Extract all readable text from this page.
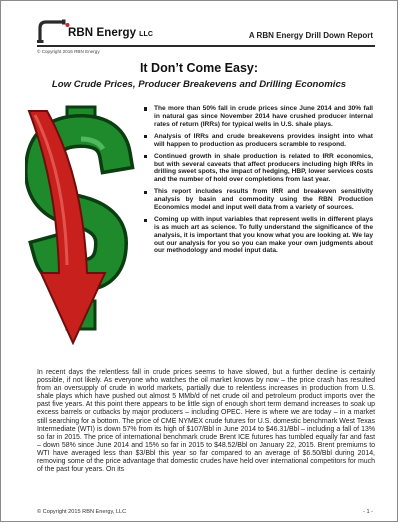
RBN Energy LLC	A RBN Energy Drill Down Report
© Copyright 2016 RBN Energy
It Don’t Come Easy:
Low Crude Prices, Producer Breakevens and Drilling Economics
The more than 50% fall in crude prices since June 2014 and 30% fall in natural gas since November 2014 have crushed producer internal rates of return (IRRs) for typical wells in U.S. shale plays.
Analysis of IRRs and crude breakevens provides insight into what will happen to production as producers scramble to respond.
Continued growth in shale production is related to IRR economics, but with several caveats that affect producers including high IRRs in drilling sweet spots, the impact of hedging, HBP, lower services costs and the number of hold over completions from last year.
This report includes results from IRR and breakeven sensitivity analysis by basin and commodity using the RBN Production Economics model and input well data from a variety of sources.
Coming up with input variables that represent wells in different plays is as much art as science. To fully understand the significance of the analysis, it is important that you know what you are looking at. We lay out our analysis for you so you can make your own judgments about our methodology and model input data.

In recent days the relentless fall in crude prices seems to have slowed, but a further decline is certainly possible, if not likely. As everyone who watches the oil market knows by now – the price crash has resulted from an oversupply of crude in world markets, partially due to relentless increases in production from U.S. shale plays which have pushed out almost 5 MMb/d of net crude oil and petroleum product imports over the past five years. At this point there appears to be little sign of enough short term demand increases to soak up excess barrels or cutbacks by major producers – including OPEC. Here is where we are today – in a market still searching for a bottom. The price of CME NYMEX crude futures for U.S. domestic benchmark West Texas Intermediate (WTI) is down 57% from its high of $107/Bbl in June 2014 to $46.31/Bbl – including a fall of 13% so far in 2015. The price of international benchmark crude Brent ICE futures has tumbled equally far and fast – down 58% since June 2014 and 15% so far in 2015 to $48.52/Bbl on January 22, 2015. Brent premiums to WTI have averaged less than $3/Bbl this year so far compared to an average of $6.50/Bbl during 2014, removing some of the price advantage that domestic crudes have held over international competitors for much of the past four years. On its

© Copyright 2015 RBN Energy, LLC	- 1 -
